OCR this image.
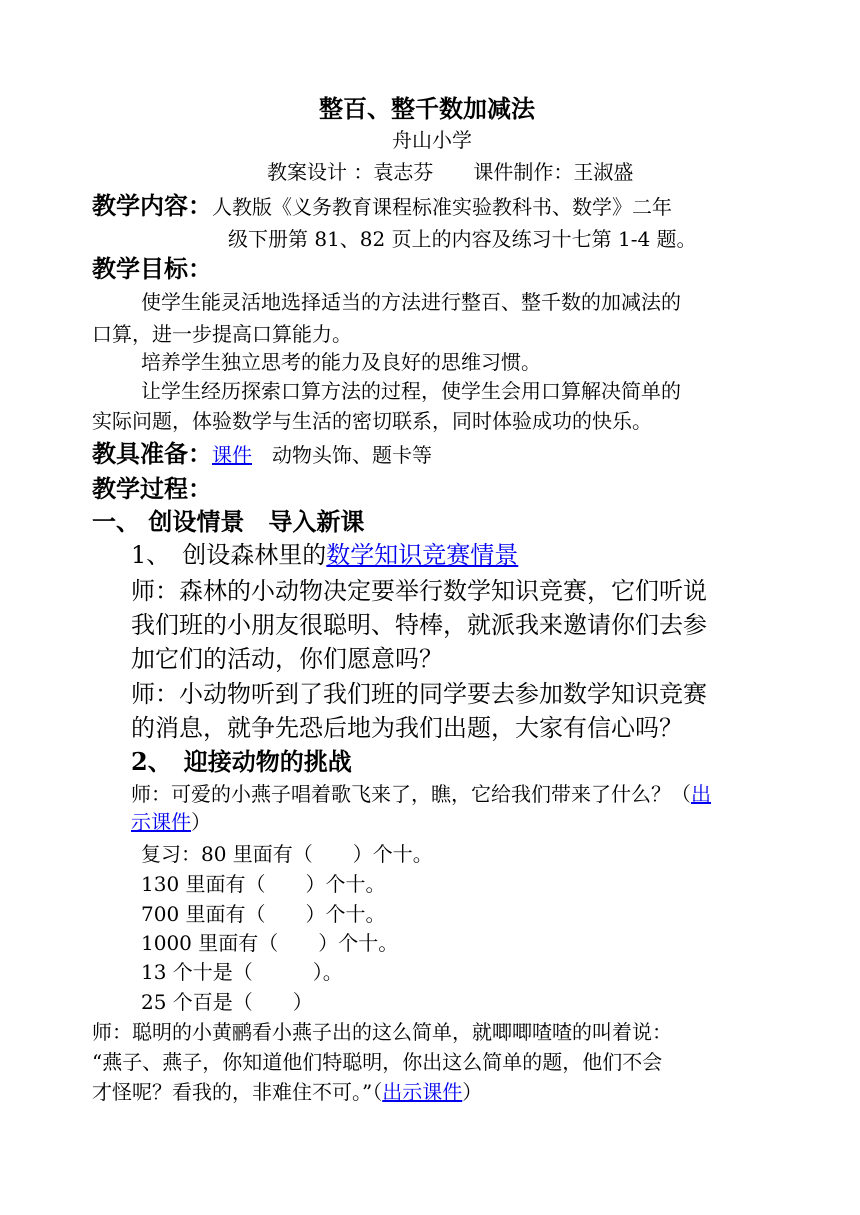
整百、整千数加减法
舟山小学
教案设计 ：袁志芬　　课件制作：王淑盛
教学内容：人教版《义务教育课程标准实验教科书、数学》二年
级下册第 81、82 页上的内容及练习十七第 1-4 题。
教学目标：
使学生能灵活地选择适当的方法进行整百、整千数的加减法的
口算，进一步提高口算能力。
培养学生独立思考的能力及良好的思维习惯。
让学生经历探索口算方法的过程，使学生会用口算解决简单的
实际问题，体验数学与生活的密切联系，同时体验成功的快乐。
教具准备：课件　动物头饰、题卡等
教学过程：
一、 创设情景　导入新课
1、　创设森林里的数学知识竞赛情景
师：森林的小动物决定要举行数学知识竞赛，它们听说
我们班的小朋友很聪明、特棒，就派我来邀请你们去参
加它们的活动，你们愿意吗？
师：小动物听到了我们班的同学要去参加数学知识竞赛
的消息，就争先恐后地为我们出题，大家有信心吗？
2、　迎接动物的挑战
师：可爱的小燕子唱着歌飞来了，瞧，它给我们带来了什么？（出
示课件）
复习：80 里面有（　　）个十。
130 里面有（　　）个十。
700 里面有（　　）个十。
1000 里面有（　　）个十。
13 个十是（　　　）。
25 个百是（　　）
师：聪明的小黄鹂看小燕子出的这么简单，就唧唧喳喳的叫着说：
“燕子、燕子，你知道他们特聪明，你出这么简单的题，他们不会
才怪呢？看我的，非难住不可。”（出示课件）
